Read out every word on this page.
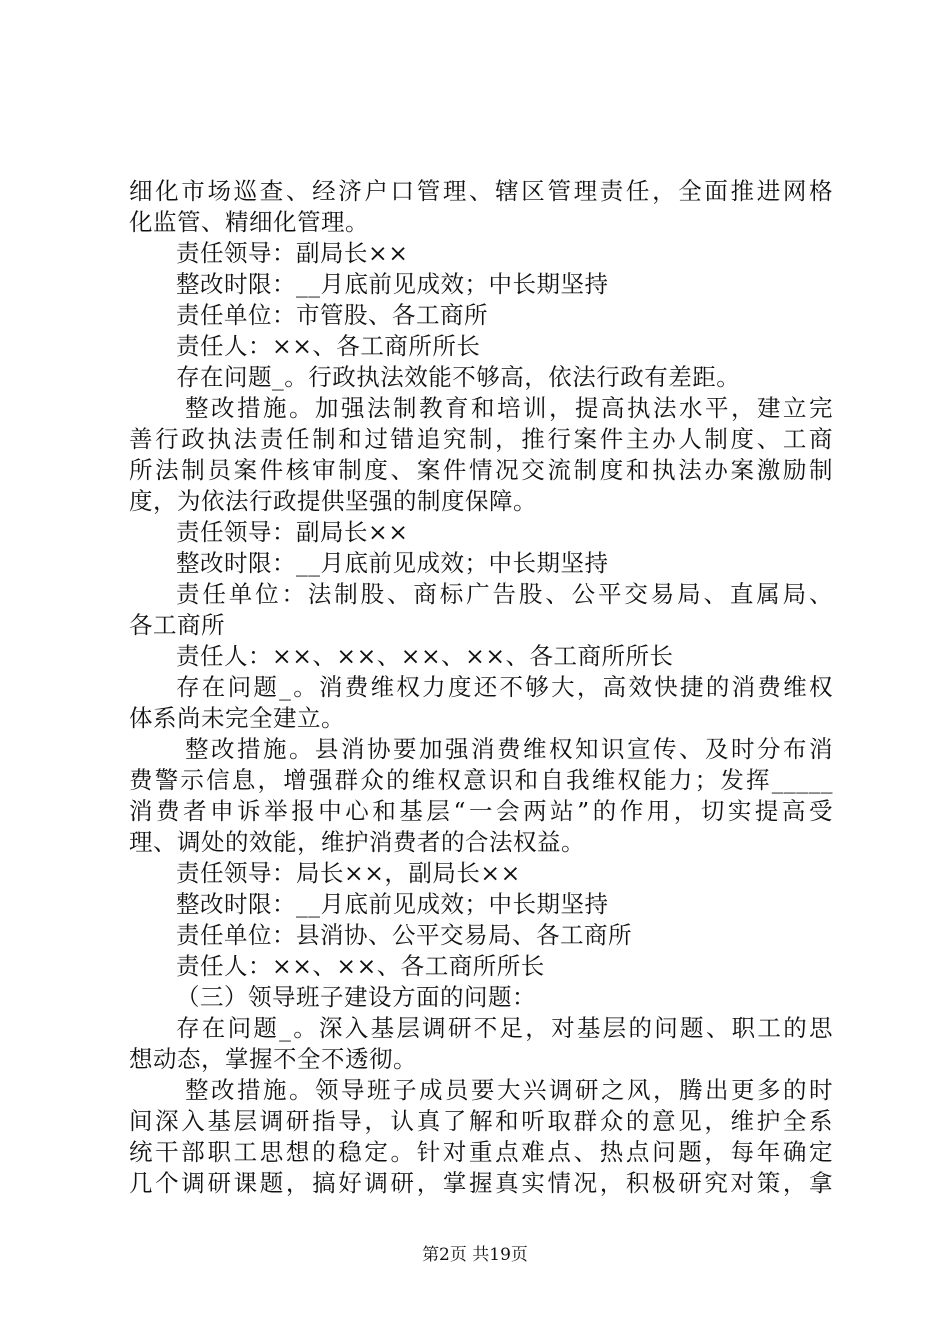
细化市场巡查、经济户口管理、辖区管理责任，全面推进网格
化监管、精细化管理。
责任领导：副局长××
整改时限：__月底前见成效；中长期坚持
责任单位：市管股、各工商所
责任人：××、各工商所所长
存在问题_。行政执法效能不够高，依法行政有差距。
整改措施。加强法制教育和培训，提高执法水平，建立完
善行政执法责任制和过错追究制，推行案件主办人制度、工商
所法制员案件核审制度、案件情况交流制度和执法办案激励制
度，为依法行政提供坚强的制度保障。
责任领导：副局长××
整改时限：__月底前见成效；中长期坚持
责任单位：法制股、商标广告股、公平交易局、直属局、
各工商所
责任人：××、××、××、××、各工商所所长
存在问题_。消费维权力度还不够大，高效快捷的消费维权
体系尚未完全建立。
整改措施。县消协要加强消费维权知识宣传、及时分布消
费警示信息，增强群众的维权意识和自我维权能力；发挥_____
消费者申诉举报中心和基层“一会两站”的作用，切实提高受
理、调处的效能，维护消费者的合法权益。
责任领导：局长××，副局长××
整改时限：__月底前见成效；中长期坚持
责任单位：县消协、公平交易局、各工商所
责任人：××、××、各工商所所长
（三）领导班子建设方面的问题：
存在问题_。深入基层调研不足，对基层的问题、职工的思
想动态，掌握不全不透彻。
整改措施。领导班子成员要大兴调研之风，腾出更多的时
间深入基层调研指导，认真了解和听取群众的意见，维护全系
统干部职工思想的稳定。针对重点难点、热点问题，每年确定
几个调研课题，搞好调研，掌握真实情况，积极研究对策，拿
第2页 共19页
